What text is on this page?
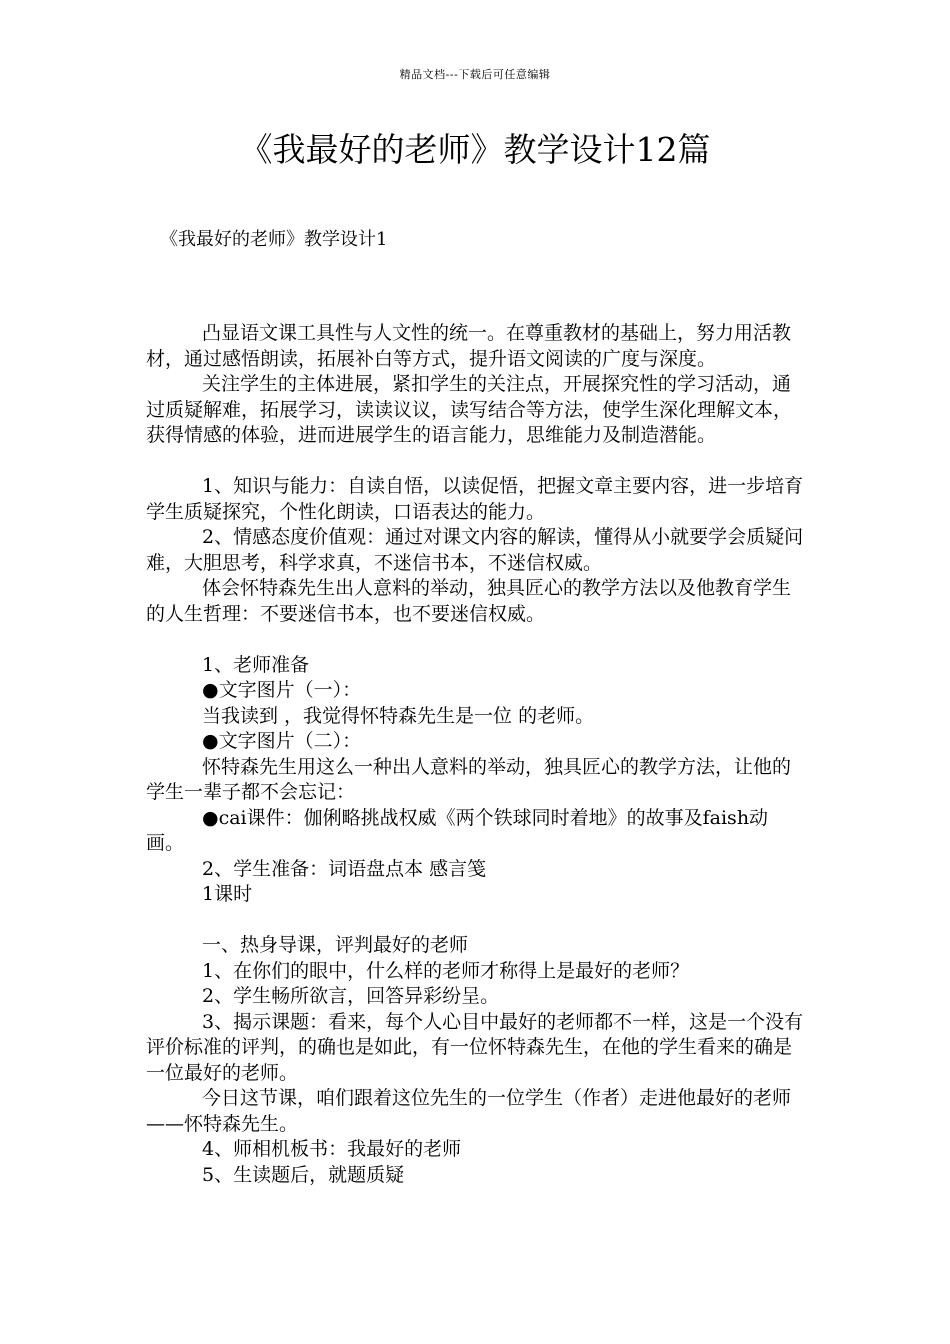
精品文档---下载后可任意编辑
《我最好的老师》教学设计12篇
《我最好的老师》教学设计1

凸显语文课工具性与人文性的统一。在尊重教材的基础上，努力用活教材，通过感悟朗读，拓展补白等方式，提升语文阅读的广度与深度。

关注学生的主体进展，紧扣学生的关注点，开展探究性的学习活动，通过质疑解难，拓展学习，读读议议，读写结合等方法，使学生深化理解文本，获得情感的体验，进而进展学生的语言能力，思维能力及制造潜能。

1、知识与能力：自读自悟，以读促悟，把握文章主要内容，进一步培育学生质疑探究，个性化朗读，口语表达的能力。

2、情感态度价值观：通过对课文内容的解读，懂得从小就要学会质疑问难，大胆思考，科学求真，不迷信书本，不迷信权威。

体会怀特森先生出人意料的举动，独具匠心的教学方法以及他教育学生的人生哲理：不要迷信书本，也不要迷信权威。

1、老师准备

●文字图片（一）：

当我读到 ，我觉得怀特森先生是一位 的老师。

●文字图片（二）：

怀特森先生用这么一种出人意料的举动，独具匠心的教学方法，让他的学生一辈子都不会忘记：

●cai课件：伽俐略挑战权威《两个铁球同时着地》的故事及faish动画。

2、学生准备：词语盘点本 感言笺

1课时

一、热身导课，评判最好的老师

1、在你们的眼中，什么样的老师才称得上是最好的老师？

2、学生畅所欲言，回答异彩纷呈。

3、揭示课题：看来，每个人心目中最好的老师都不一样，这是一个没有评价标准的评判，的确也是如此，有一位怀特森先生，在他的学生看来的确是一位最好的老师。

今日这节课，咱们跟着这位先生的一位学生（作者）走进他最好的老师——怀特森先生。

4、师相机板书：我最好的老师

5、生读题后，就题质疑
